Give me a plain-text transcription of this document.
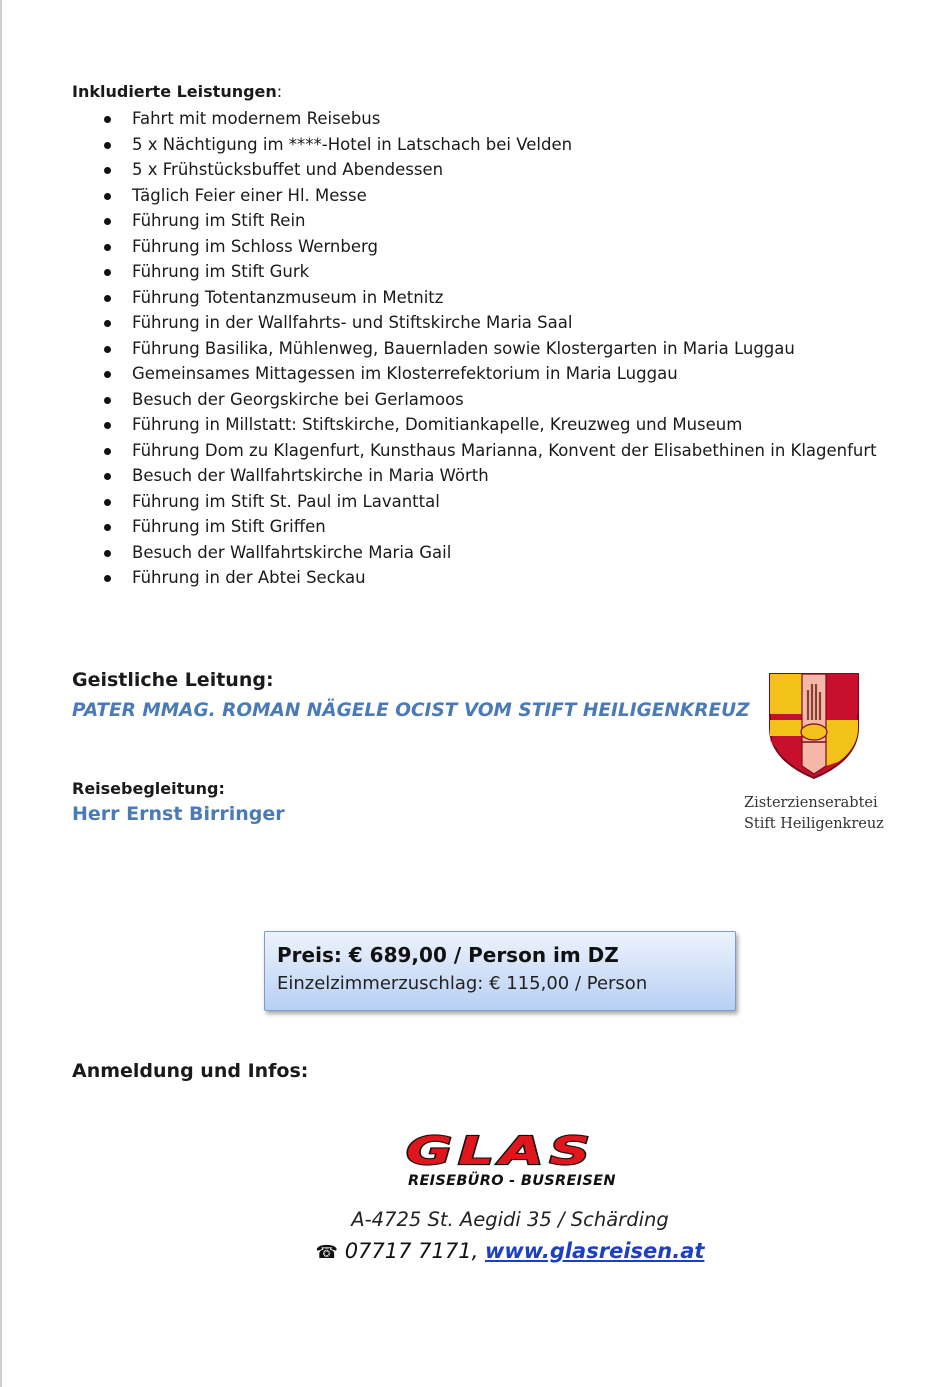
Inkludierte Leistungen:
Fahrt mit modernem Reisebus
5 x Nächtigung im ****-Hotel in Latschach bei Velden
5 x Frühstücksbuffet und Abendessen
Täglich Feier einer Hl. Messe
Führung im Stift Rein
Führung im Schloss Wernberg
Führung im Stift Gurk
Führung Totentanzmuseum in Metnitz
Führung in der Wallfahrts- und Stiftskirche Maria Saal
Führung Basilika, Mühlenweg, Bauernladen sowie Klostergarten in Maria Luggau
Gemeinsames Mittagessen im Klosterrefektorium in Maria Luggau
Besuch der Georgskirche bei Gerlamoos
Führung in Millstatt: Stiftskirche, Domitiankapelle, Kreuzweg und Museum
Führung Dom zu Klagenfurt, Kunsthaus Marianna, Konvent der Elisabethinen in Klagenfurt
Besuch der Wallfahrtskirche in Maria Wörth
Führung im Stift St. Paul im Lavanttal
Führung im Stift Griffen
Besuch der Wallfahrtskirche Maria Gail
Führung in der Abtei Seckau
Geistliche Leitung:
PATER MMAG. ROMAN NÄGELE OCIST VOM STIFT HEILIGENKREUZ
Reisebegleitung:
Herr Ernst Birringer	Zisterzienserabtei
Stift Heiligenkreuz
Preis: € 689,00 / Person im DZ
Einzelzimmerzuschlag: € 115,00 / Person
Anmeldung und Infos:
GLAS
REISEBÜRO - BUSREISEN
A-4725 St. Aegidi 35 / Schärding
☎ 07717 7171, www.glasreisen.at
